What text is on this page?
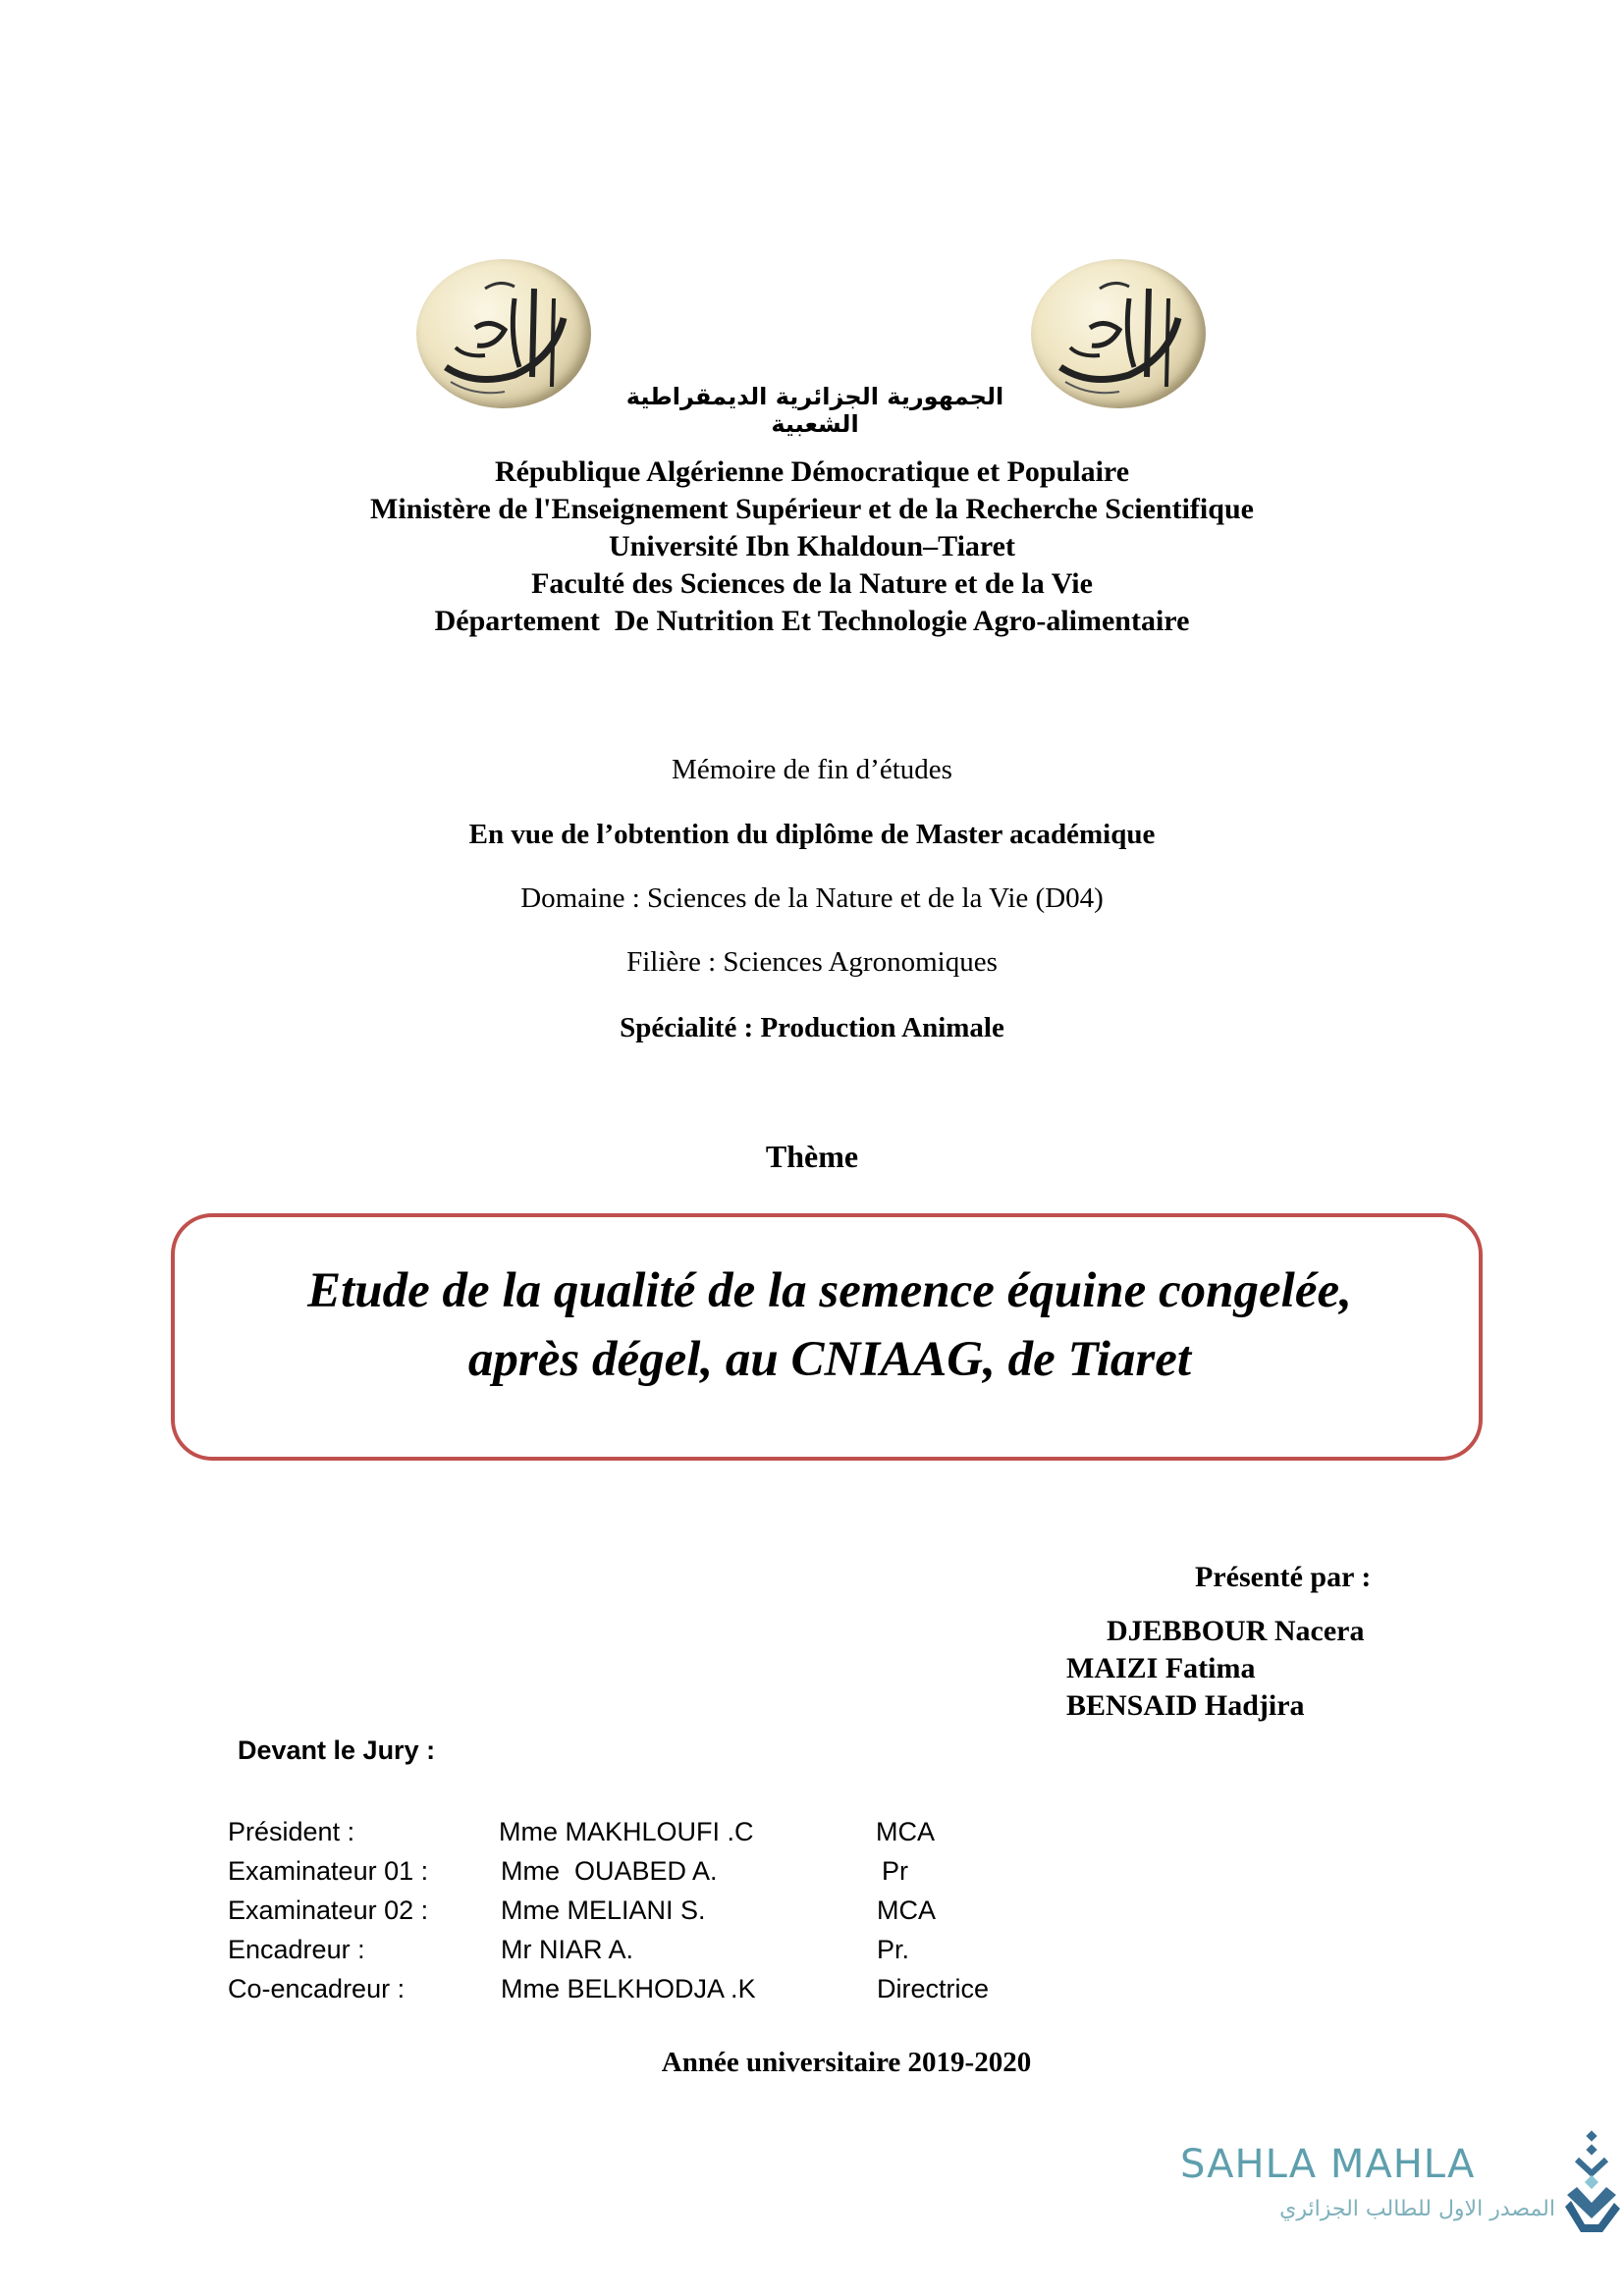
الجمهورية الجزائرية الديمقراطية الشعبية
République Algérienne Démocratique et Populaire
Ministère de l'Enseignement Supérieur et de la Recherche Scientifique
Université Ibn Khaldoun–Tiaret
Faculté des Sciences de la Nature et de la Vie
Département  De Nutrition Et Technologie Agro-alimentaire
Mémoire de fin d’études
En vue de l’obtention du diplôme de Master académique
Domaine : Sciences de la Nature et de la Vie (D04)
Filière : Sciences Agronomiques
Spécialité : Production Animale
Thème
Etude de la qualité de la semence équine congelée,
après dégel, au CNIAAG, de Tiaret
Présenté par :
DJEBBOUR Nacera
MAIZI Fatima
BENSAID Hadjira
Devant le Jury :
Président :	Mme MAKHLOUFI .C	MCA
Examinateur 01 :	Mme  OUABED A.	Pr
Examinateur 02 :	Mme MELIANI S.	MCA
Encadreur :	Mr NIAR A.	Pr.
Co-encadreur :	Mme BELKHODJA .K	Directrice
Année universitaire 2019-2020
SAHLA MAHLA
المصدر الاول للطالب الجزائري
